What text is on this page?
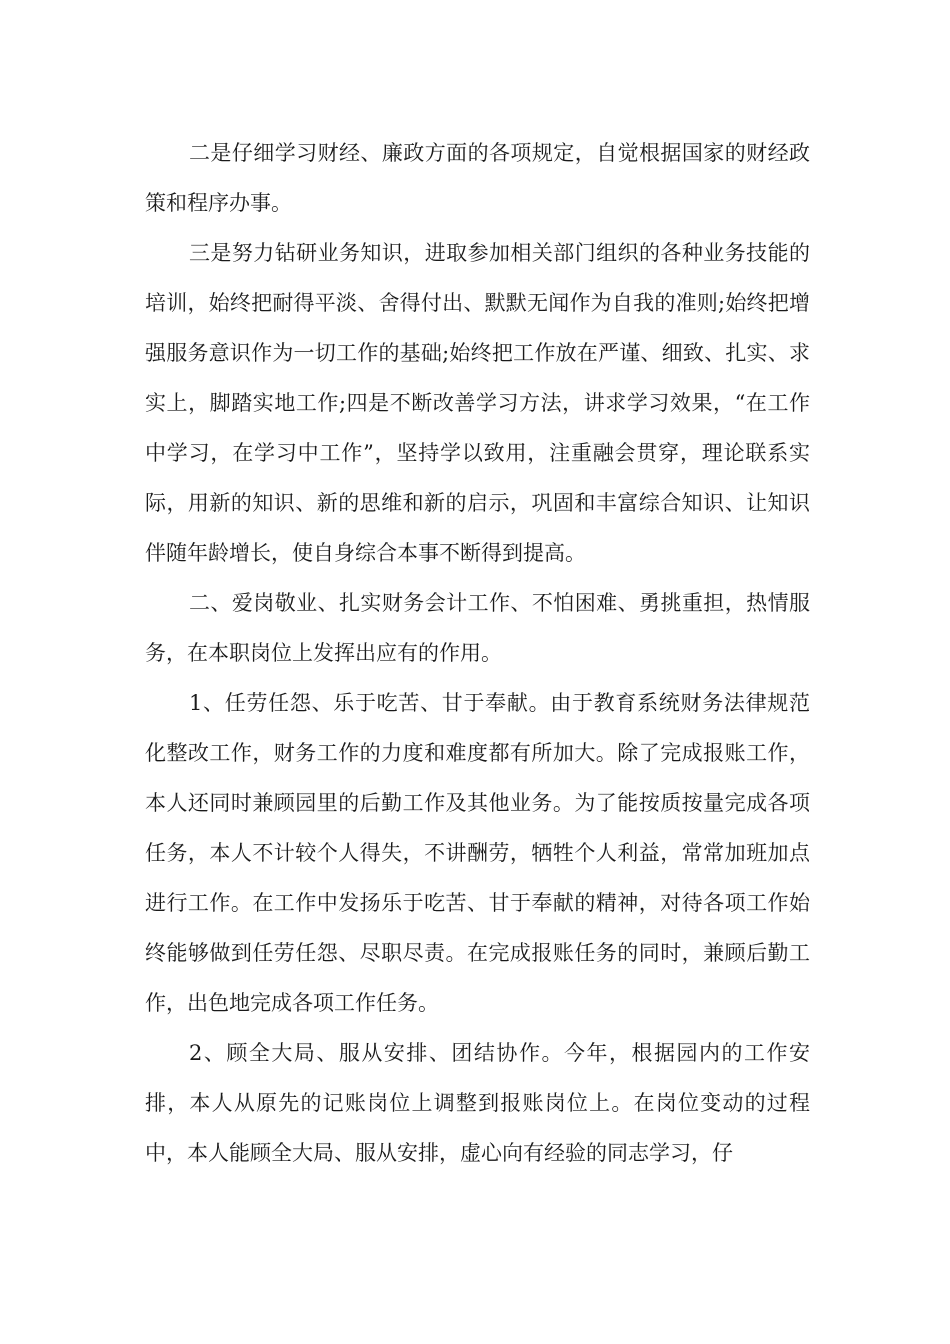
二是仔细学习财经、廉政方面的各项规定，自觉根据国家的财经政策和程序办事。

三是努力钻研业务知识，进取参加相关部门组织的各种业务技能的培训，始终把耐得平淡、舍得付出、默默无闻作为自我的准则;始终把增强服务意识作为一切工作的基础;始终把工作放在严谨、细致、扎实、求实上，脚踏实地工作;四是不断改善学习方法，讲求学习效果，“在工作中学习，在学习中工作”，坚持学以致用，注重融会贯穿，理论联系实际，用新的知识、新的思维和新的启示，巩固和丰富综合知识、让知识伴随年龄增长，使自身综合本事不断得到提高。

二、爱岗敬业、扎实财务会计工作、不怕困难、勇挑重担，热情服务，在本职岗位上发挥出应有的作用。

1、任劳任怨、乐于吃苦、甘于奉献。由于教育系统财务法律规范化整改工作，财务工作的力度和难度都有所加大。除了完成报账工作，本人还同时兼顾园里的后勤工作及其他业务。为了能按质按量完成各项任务，本人不计较个人得失，不讲酬劳，牺牲个人利益，常常加班加点进行工作。在工作中发扬乐于吃苦、甘于奉献的精神，对待各项工作始终能够做到任劳任怨、尽职尽责。在完成报账任务的同时，兼顾后勤工作，出色地完成各项工作任务。

2、顾全大局、服从安排、团结协作。今年，根据园内的工作安排，本人从原先的记账岗位上调整到报账岗位上。在岗位变动的过程中，本人能顾全大局、服从安排，虚心向有经验的同志学习，仔
